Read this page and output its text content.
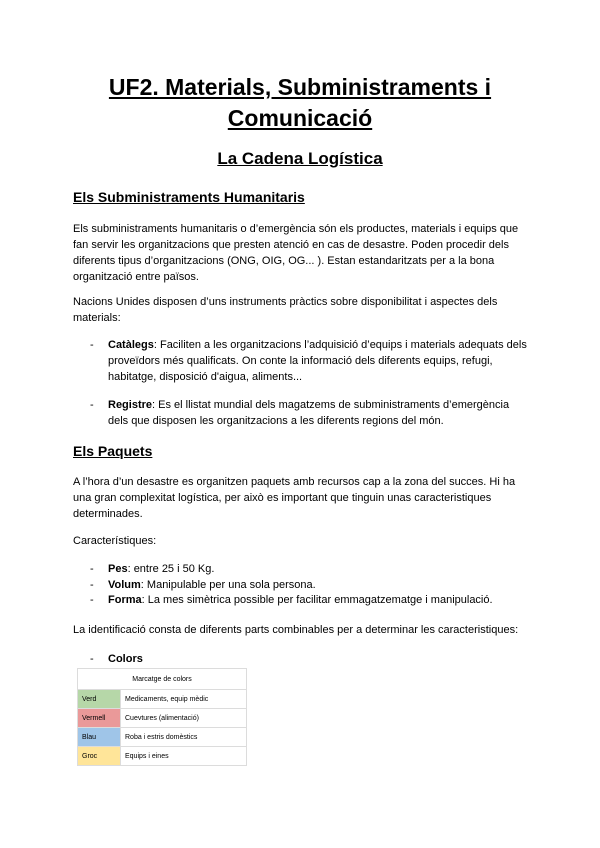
UF2. Materials, Subministraments i Comunicació
La Cadena Logística
Els Subministraments Humanitaris

Els subministraments humanitaris o d’emergència són els productes, materials i equips que fan servir les organitzacions que presten atenció en cas de desastre. Poden procedir dels diferents tipus d’organitzacions (ONG, OIG, OG... ). Estan estandaritzats per a la bona organització entre països.

Nacions Unides disposen d’uns instruments pràctics sobre disponibilitat i aspectes dels materials:

-	Catàlegs: Faciliten a les organitzacions l’adquisició d’equips i materials adequats dels proveïdors més qualificats. On conte la informació dels diferents equips, refugi, habitatge, disposició d'aigua, aliments...
-	Registre: Es el llistat mundial dels magatzems de subministraments d’emergència dels que disposen les organitzacions a les diferents regions del món.
Els Paquets

A l’hora d’un desastre es organitzen paquets amb recursos cap a la zona del succes. Hi ha una gran complexitat logística, per això es important que tinguin unas caracteristiques determinades.

Característiques:

-	Pes: entre 25 i 50 Kg.
-	Volum: Manipulable per una sola persona.
-	Forma: La mes simètrica possible per facilitar emmagatzematge i manipulació.

La identificació consta de diferents parts combinables per a determinar les caracteristiques:

-	Colors
Marcatge de colors	
Verd	Medicaments, equip mèdic
Vermell	Cuevtures (alimentació)
Blau	Roba i estris domèstics
Groc	Equips i eines
